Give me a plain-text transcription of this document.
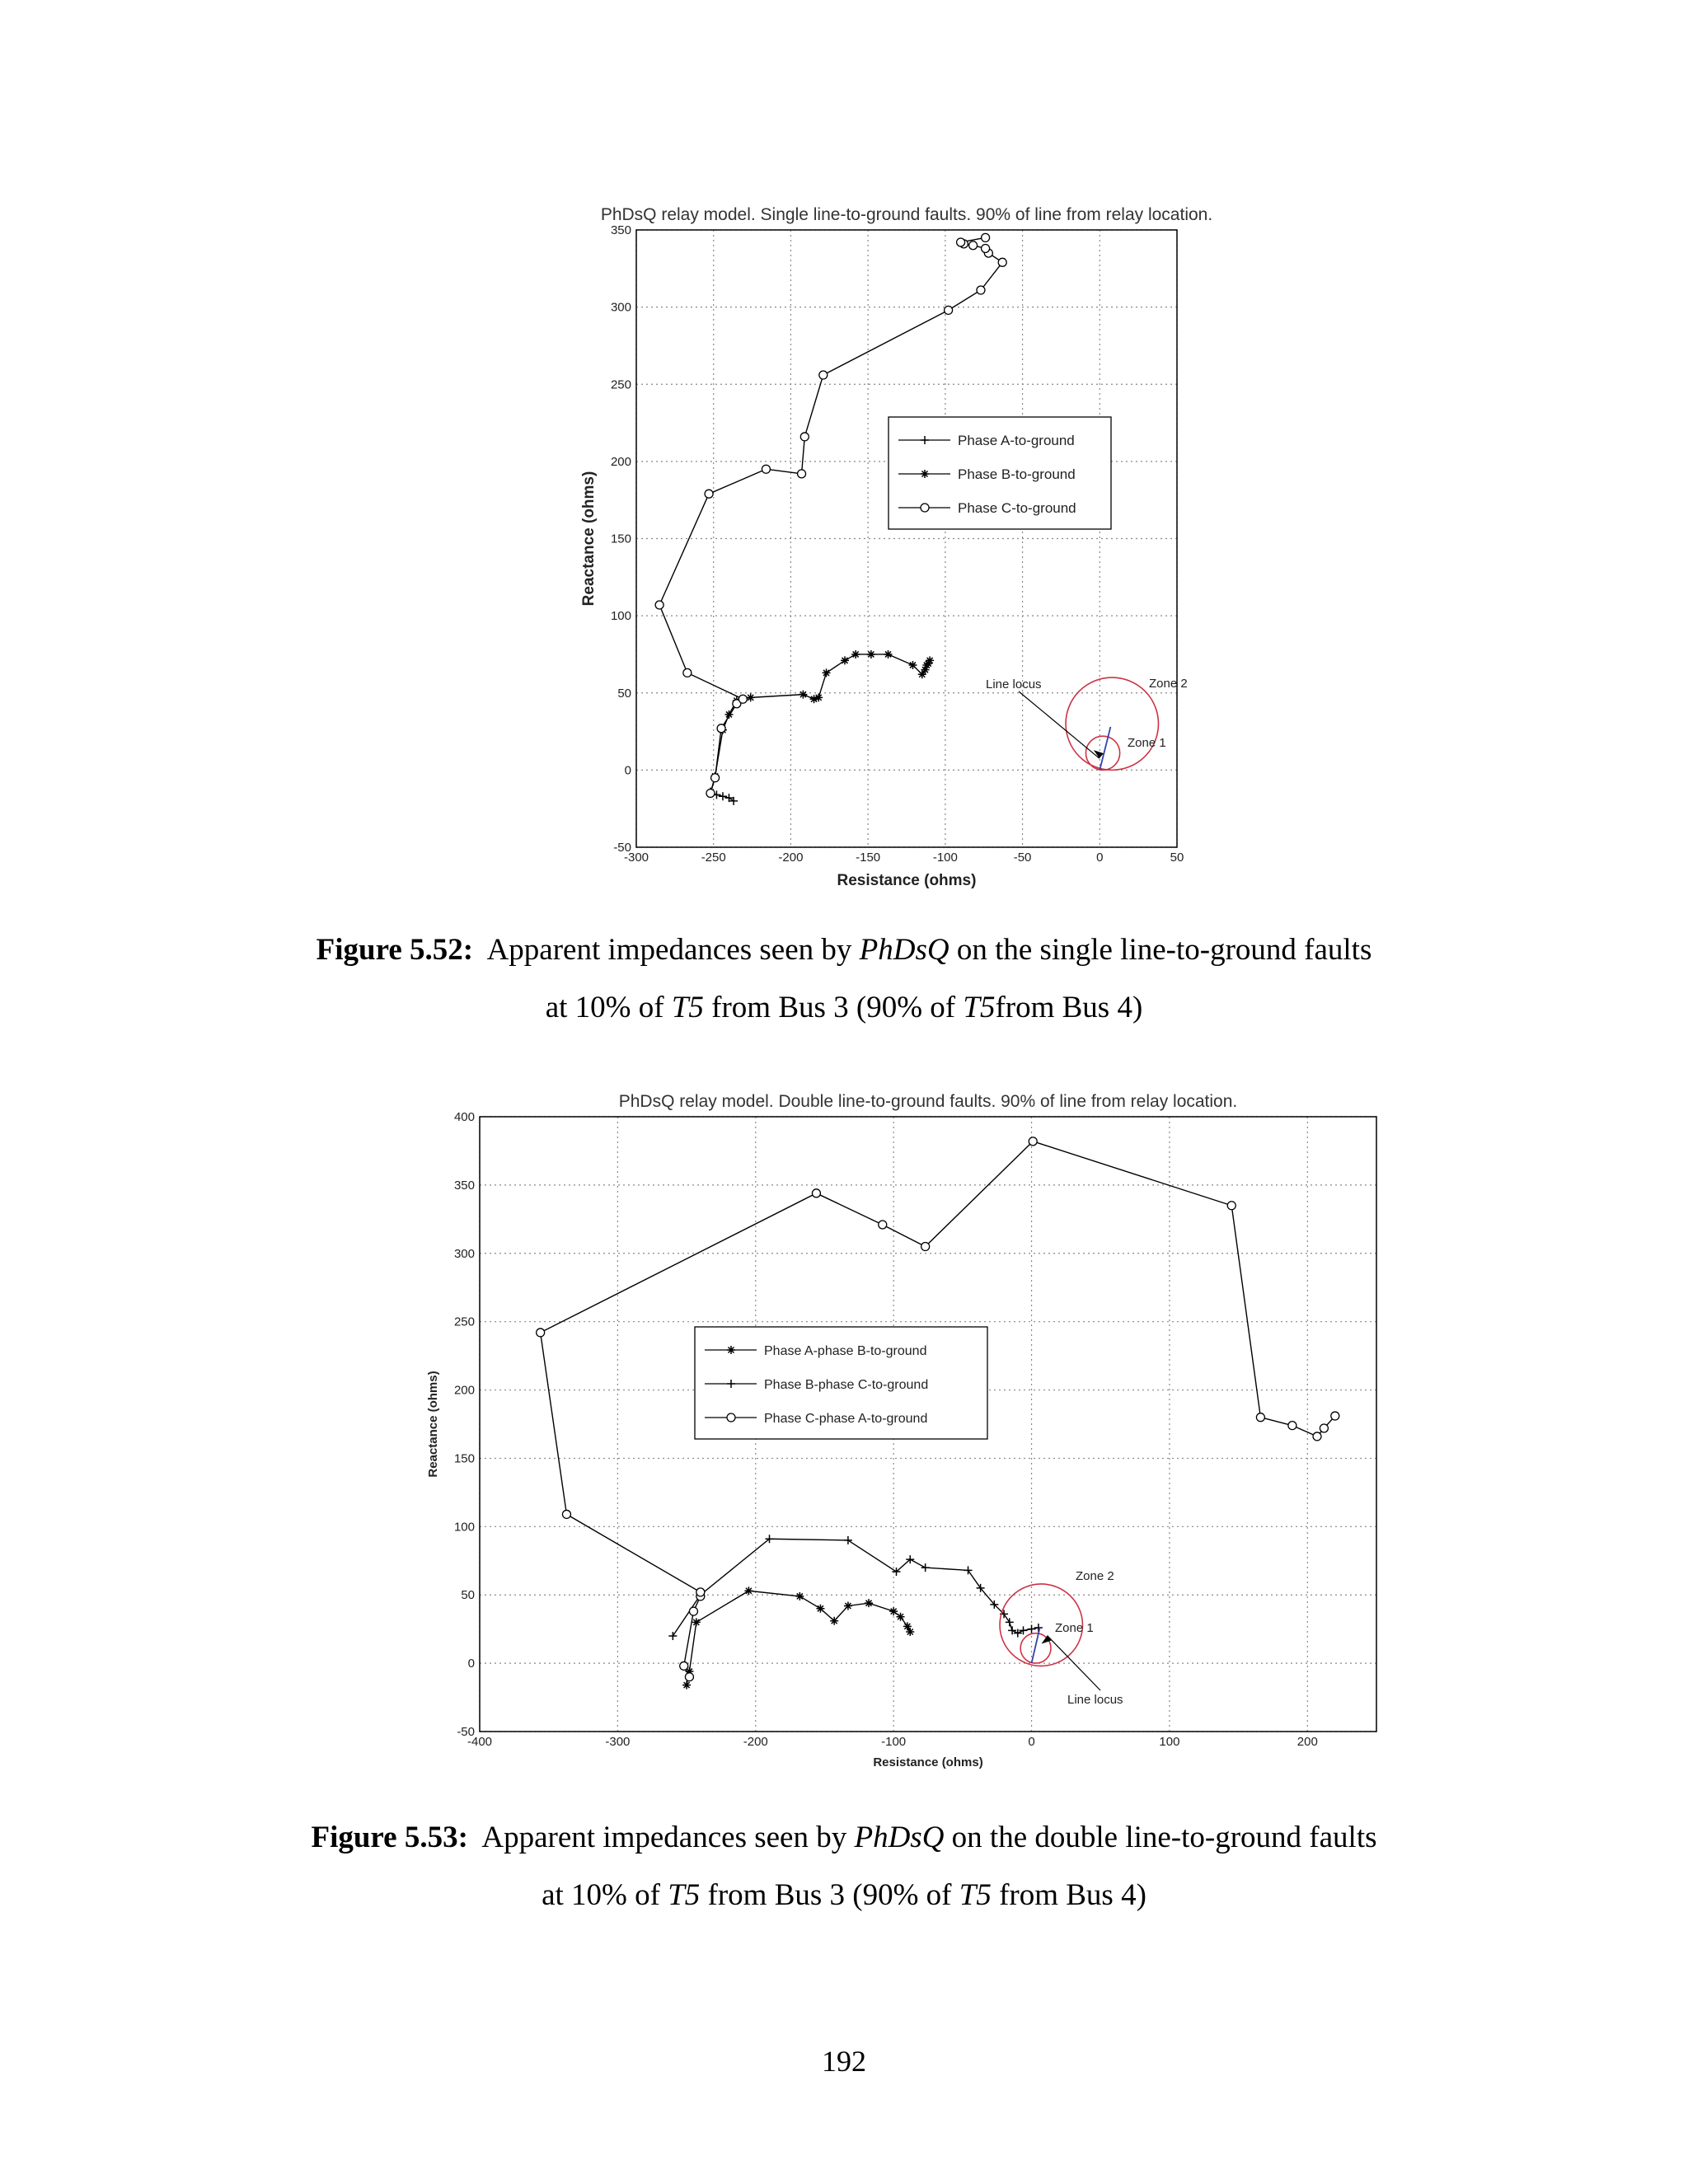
-300	-250	-200	-150	-100	-50	0	50
-50
0
50
100
150
200
250
300
350
PhDsQ relay model. Single line-to-ground faults. 90% of line from relay location.
Resistance (ohms)
Reactance (ohms)
Zone 2
Zone 1
Line locus
Phase A-to-ground
Phase B-to-ground
Phase C-to-ground
-400	-300	-200	-100	0	100	200
-50
0
50
100
150
200
250
300
350
400
PhDsQ relay model. Double line-to-ground faults. 90% of line from relay location.
Resistance (ohms)
Reactance (ohms)
Zone 2
Zone 1
Line locus
Phase A-phase B-to-ground
Phase B-phase C-to-ground
Phase C-phase A-to-ground
Figure 5.52: Apparent impedances seen by PhDsQ on the single line-to-ground faults
at 10% of T5 from Bus 3 (90% of T5from Bus 4)
Figure 5.53: Apparent impedances seen by PhDsQ on the double line-to-ground faults
at 10% of T5 from Bus 3 (90% of T5 from Bus 4)
192
